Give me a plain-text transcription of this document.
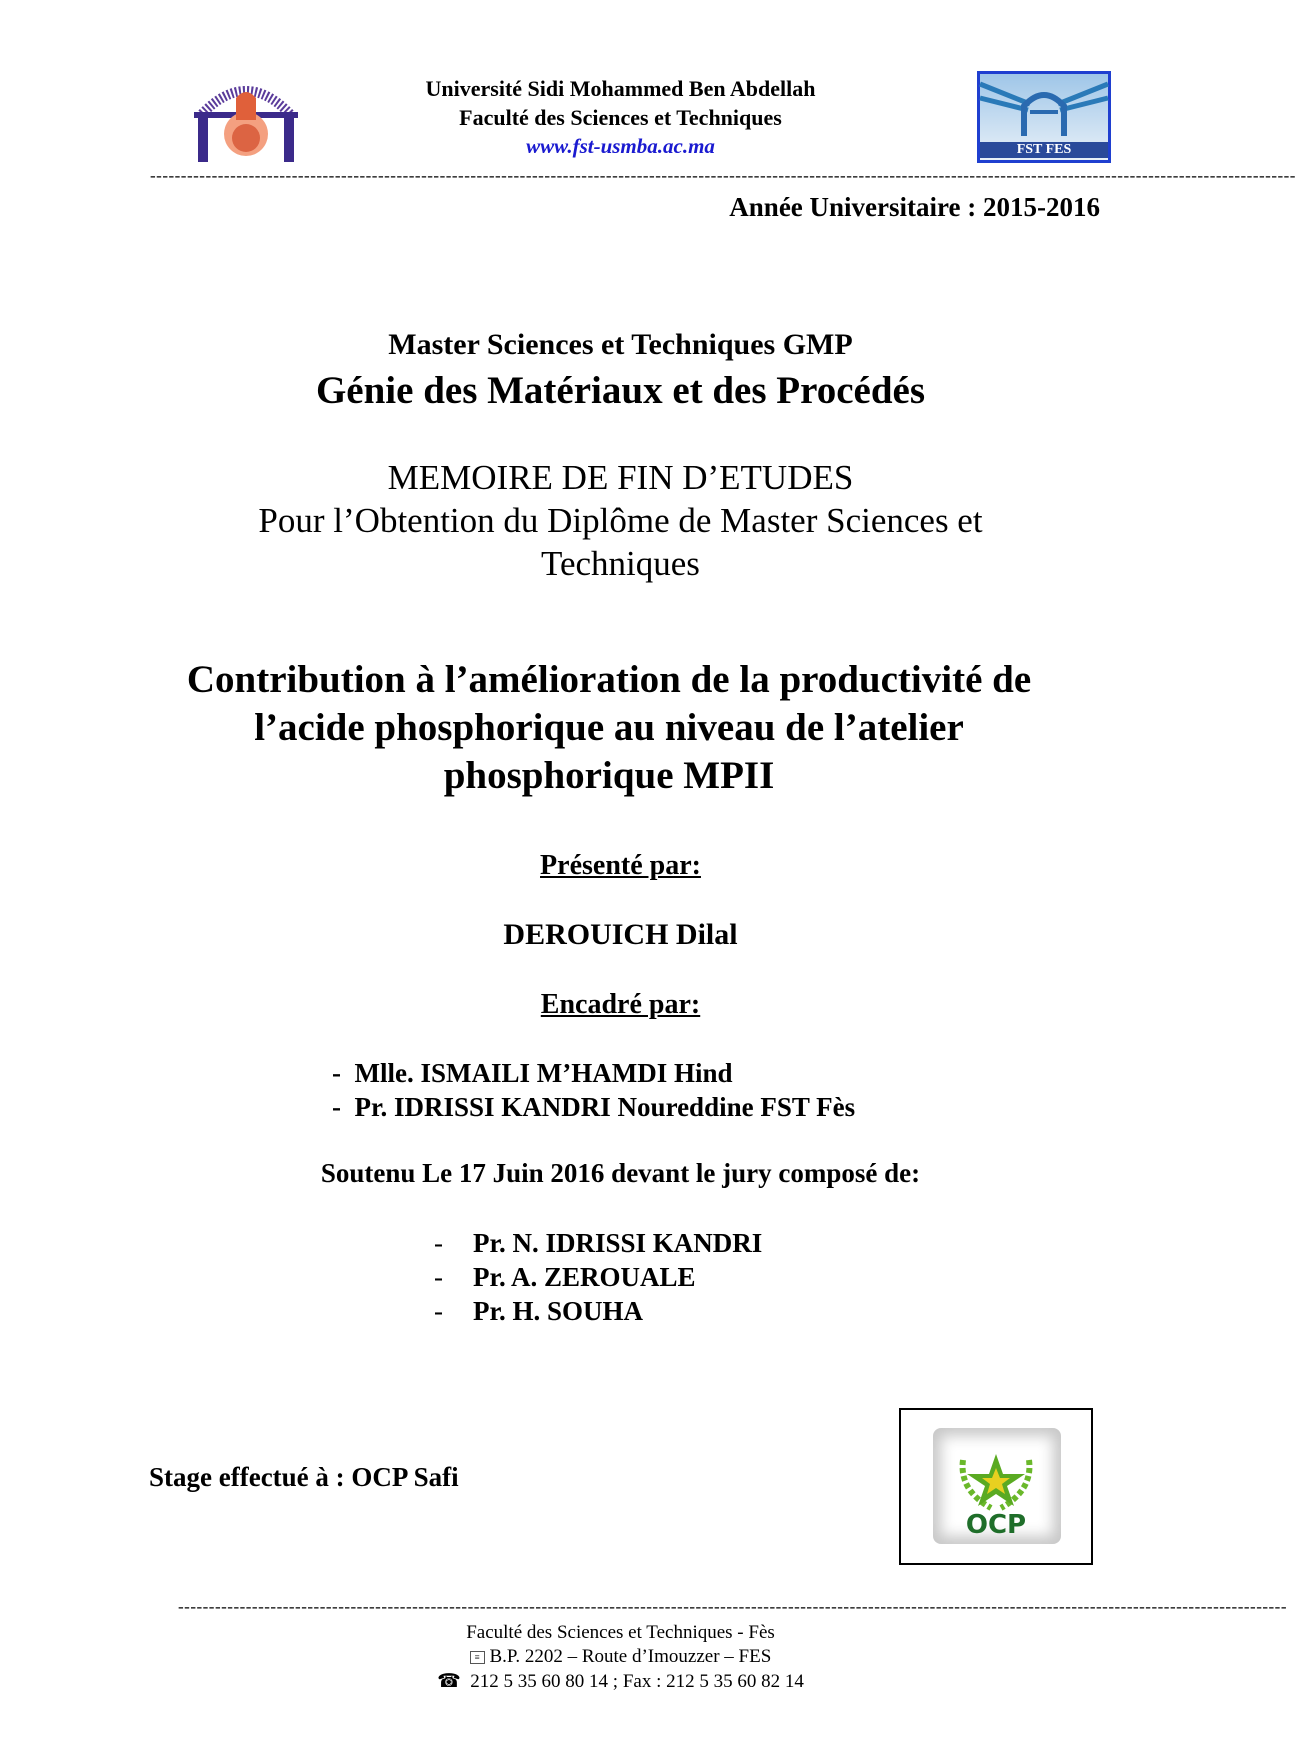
Université Sidi Mohammed Ben Abdellah
Faculté des Sciences et Techniques
www.fst-usmba.ac.ma	FST FES
------------------------------------------------------------------------------------------------------------------------------------------------------------------------------------------
Année Universitaire : 2015-2016
Master Sciences et Techniques GMP
Génie des Matériaux et des Procédés
MEMOIRE DE FIN D’ETUDES
Pour l’Obtention du Diplôme de Master Sciences et
Techniques
Contribution à l’amélioration de la productivité de
l’acide phosphorique au niveau de l’atelier
phosphorique MPII
Présenté par:
DEROUICH Dilal
Encadré par:
-  Mlle. ISMAILI M’HAMDI Hind
-  Pr. IDRISSI KANDRI Noureddine FST Fès
Soutenu Le 17 Juin 2016 devant le jury composé de:
- Pr. N. IDRISSI KANDRI
- Pr. A. ZEROUALE
- Pr. H. SOUHA
Stage effectué à : OCP Safi
OCP
------------------------------------------------------------------------------------------------------------------------------------------------------------------------------------
Faculté des Sciences et Techniques - Fès
≡ B.P. 2202 – Route d’Imouzzer – FES
☎ 212 5 35 60 80 14 ; Fax : 212 5 35 60 82 14
